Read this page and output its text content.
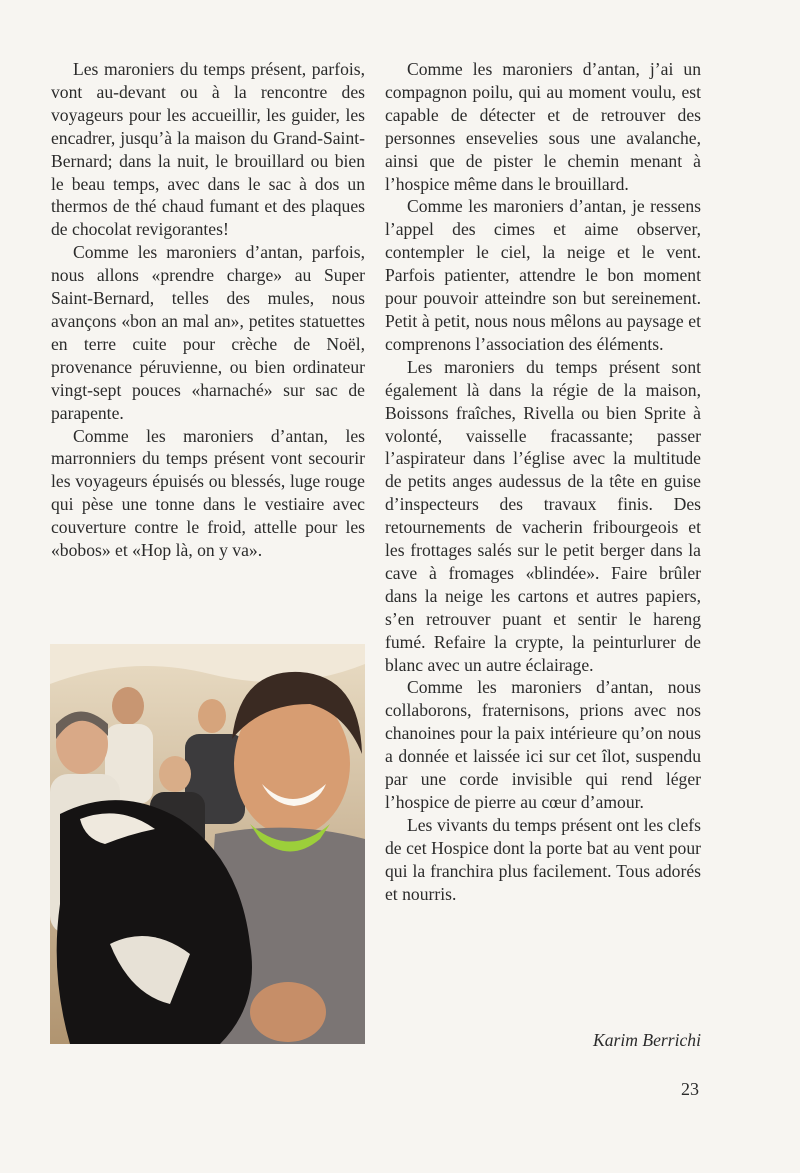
Les maroniers du temps présent, parfois, vont au-devant ou à la rencontre des voyageurs pour les accueillir, les guider, les encadrer, jusqu’à la maison du Grand-Saint-Bernard; dans la nuit, le brouillard ou bien le beau temps, avec dans le sac à dos un thermos de thé chaud fumant et des plaques de chocolat revigorantes!

Comme les maroniers d’antan, parfois, nous allons «prendre charge» au Super Saint-Bernard, telles des mules, nous avançons «bon an mal an», petites statuettes en terre cuite pour crèche de Noël, provenance péruvienne, ou bien ordinateur vingt-sept pouces «harnaché» sur sac de parapente.

Comme les maroniers d’antan, les marronniers du temps présent vont secourir les voyageurs épuisés ou blessés, luge rouge qui pèse une tonne dans le vestiaire avec couverture contre le froid, attelle pour les «bobos» et «Hop là, on y va».

Comme les maroniers d’antan, j’ai un compagnon poilu, qui au moment voulu, est capable de détecter et de retrouver des personnes ensevelies sous une avalanche, ainsi que de pister le chemin menant à l’hospice même dans le brouillard.

Comme les maroniers d’antan, je ressens l’appel des cimes et aime observer, contempler le ciel, la neige et le vent. Parfois patienter, attendre le bon moment pour pouvoir atteindre son but sereinement. Petit à petit, nous nous mêlons au paysage et comprenons l’association des éléments.

Les maroniers du temps présent sont également là dans la régie de la maison, Boissons fraîches, Rivella ou bien Sprite à volonté, vaisselle fracassante; passer l’aspirateur dans l’église avec la multitude de petits anges audessus de la tête en guise d’inspecteurs des travaux finis. Des retournements de vacherin fribourgeois et les frottages salés sur le petit berger dans la cave à fromages «blindée». Faire brûler dans la neige les cartons et autres papiers, s’en retrouver puant et sentir le hareng fumé. Refaire la crypte, la peinturlurer de blanc avec un autre éclairage.

Comme les maroniers d’antan, nous collaborons, fraternisons, prions avec nos chanoines pour la paix intérieure qu’on nous a donnée et laissée ici sur cet îlot, suspendu par une corde invisible qui rend léger l’hospice de pierre au cœur d’amour.

Les vivants du temps présent ont les clefs de cet Hospice dont la porte bat au vent pour qui la franchira plus facilement. Tous adorés et nourris.

Karim Berrichi
23
